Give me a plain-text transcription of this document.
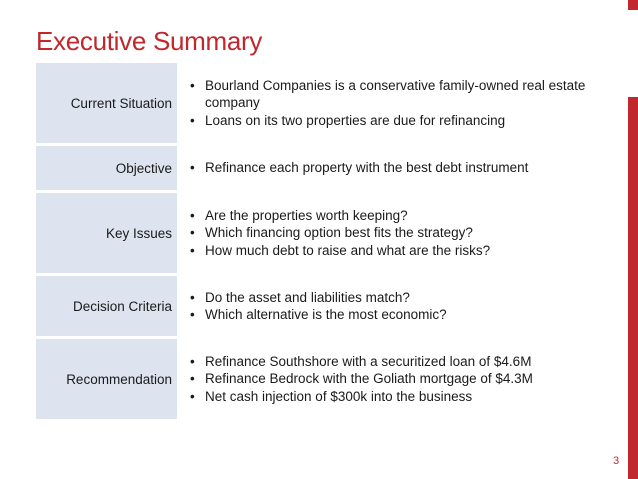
Executive Summary
Current Situation
• Bourland Companies is a conservative family-owned real estate company
• Loans on its two properties are due for refinancing
Objective	• Refinance each property with the best debt instrument
Key Issues
• Are the properties worth keeping?
• Which financing option best fits the strategy?
• How much debt to raise and what are the risks?
Decision Criteria
• Do the asset and liabilities match?
• Which alternative is the most economic?
Recommendation
• Refinance Southshore with a securitized loan of $4.6M
• Refinance Bedrock with the Goliath mortgage of $4.3M
• Net cash injection of $300k into the business
3
